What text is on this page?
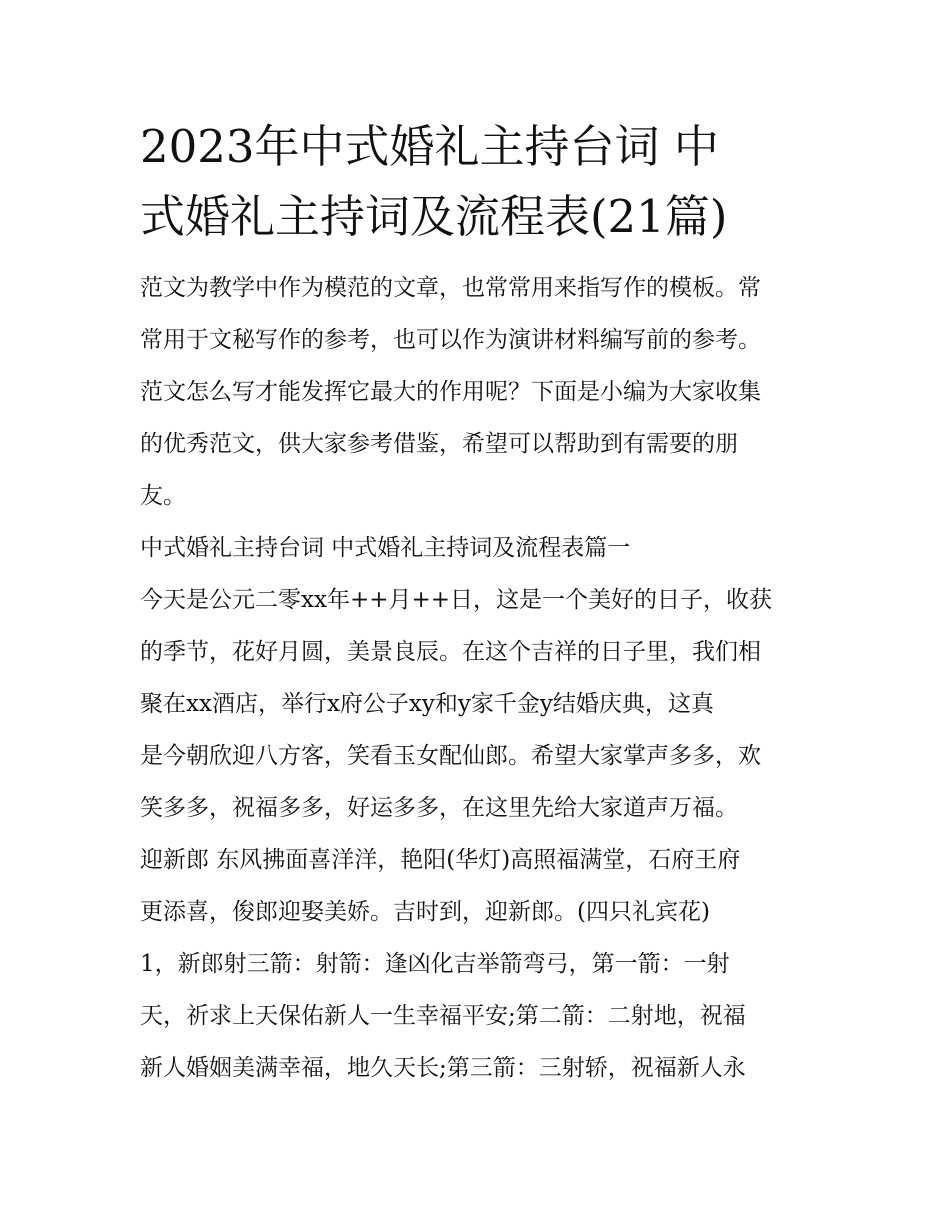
2023年中式婚礼主持台词 中
式婚礼主持词及流程表(21篇)
范文为教学中作为模范的文章，也常常用来指写作的模板。常
常用于文秘写作的参考，也可以作为演讲材料编写前的参考。
范文怎么写才能发挥它最大的作用呢？下面是小编为大家收集
的优秀范文，供大家参考借鉴，希望可以帮助到有需要的朋
友。
中式婚礼主持台词 中式婚礼主持词及流程表篇一
今天是公元二零xx年++月++日，这是一个美好的日子，收获
的季节，花好月圆，美景良辰。在这个吉祥的日子里，我们相
聚在xx酒店，举行x府公子xy和y家千金y结婚庆典，这真
是今朝欣迎八方客，笑看玉女配仙郎。希望大家掌声多多，欢
笑多多，祝福多多，好运多多，在这里先给大家道声万福。
迎新郎 东风拂面喜洋洋，艳阳(华灯)高照福满堂，石府王府
更添喜，俊郎迎娶美娇。吉时到，迎新郎。(四只礼宾花)
1，新郎射三箭：射箭：逢凶化吉举箭弯弓，第一箭：一射
天，祈求上天保佑新人一生幸福平安;第二箭：二射地，祝福
新人婚姻美满幸福，地久天长;第三箭：三射轿，祝福新人永
